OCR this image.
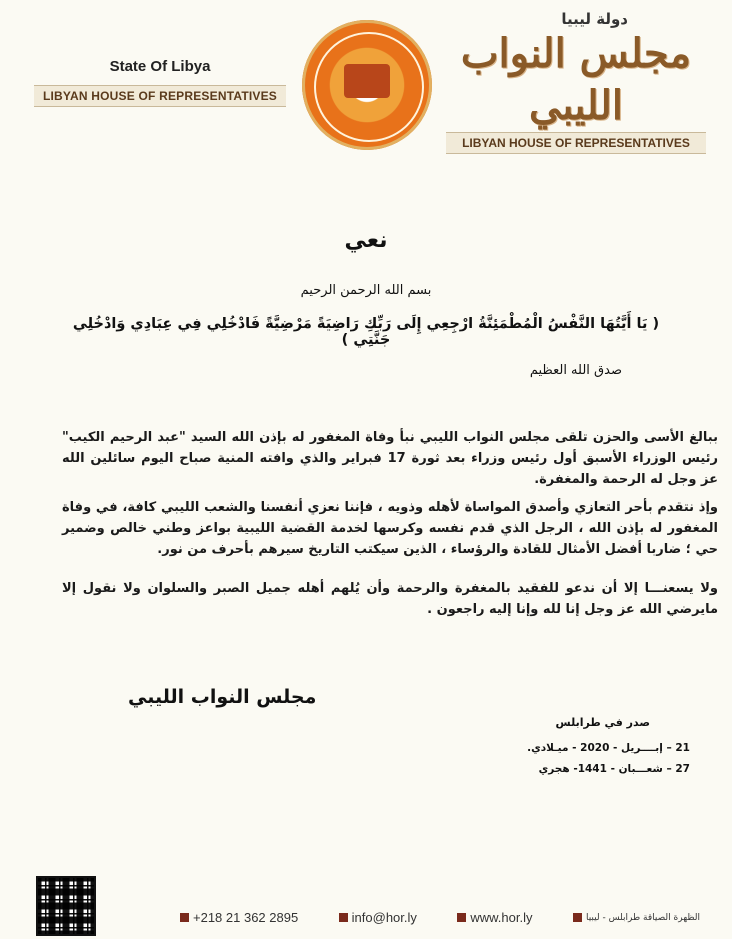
State Of Libya
LIBYAN HOUSE OF REPRESENTATIVES
دولة ليبيا
مجلس النواب الليبي
LIBYAN HOUSE OF REPRESENTATIVES
نعي
بسم الله الرحمن الرحيم
( يَا أَيَّتُهَا النَّفْسُ الْمُطْمَئِنَّةُ ارْجِعِي إِلَى رَبِّكِ رَاضِيَةً مَرْضِيَّةً فَادْخُلِي فِي عِبَادِي وَادْخُلِي جَنَّتِي )
صدق الله العظيم
ببالغ الأسى والحزن تلقى مجلس النواب الليبي نبأ وفاة المغفور له بإذن الله السيد "عبد الرحيم الكيب" رئيس الوزراء الأسبق أول رئيس وزراء بعد ثورة 17 فبراير والذي وافته المنية صباح اليوم سائلين الله عز وجل له الرحمة والمغفرة.
وإذ نتقدم بأحر التعازي وأصدق المواساة لأهله وذويه ، فإننا نعزي أنفسنا والشعب الليبي كافة، في وفاة المغفور له بإذن الله ، الرجل الذي قدم نفسه وكرسها لخدمة القضية الليبية بواعز وطني خالص وضمير حي ؛ ضاربا أفضل الأمثال للقادة والرؤساء ، الذين سيكتب التاريخ سيرهم بأحرف من نور.
ولا يسعنـــا إلا أن ندعو للفقيد بالمغفرة والرحمة وأن يُلهم أهله جميل الصبر والسلوان ولا نقول إلا مايرضي الله عز وجل إنا لله وإنا إليه راجعون .
مجلس النواب الليبي
صدر في طرابلس
21 – إبــــريل - 2020 - ميـلادي.
27 – شعـــبان - 1441- هجري
+218 21 362 2895	info@hor.ly	www.hor.ly	الظهرة الصياقة طرابلس - ليبيا
